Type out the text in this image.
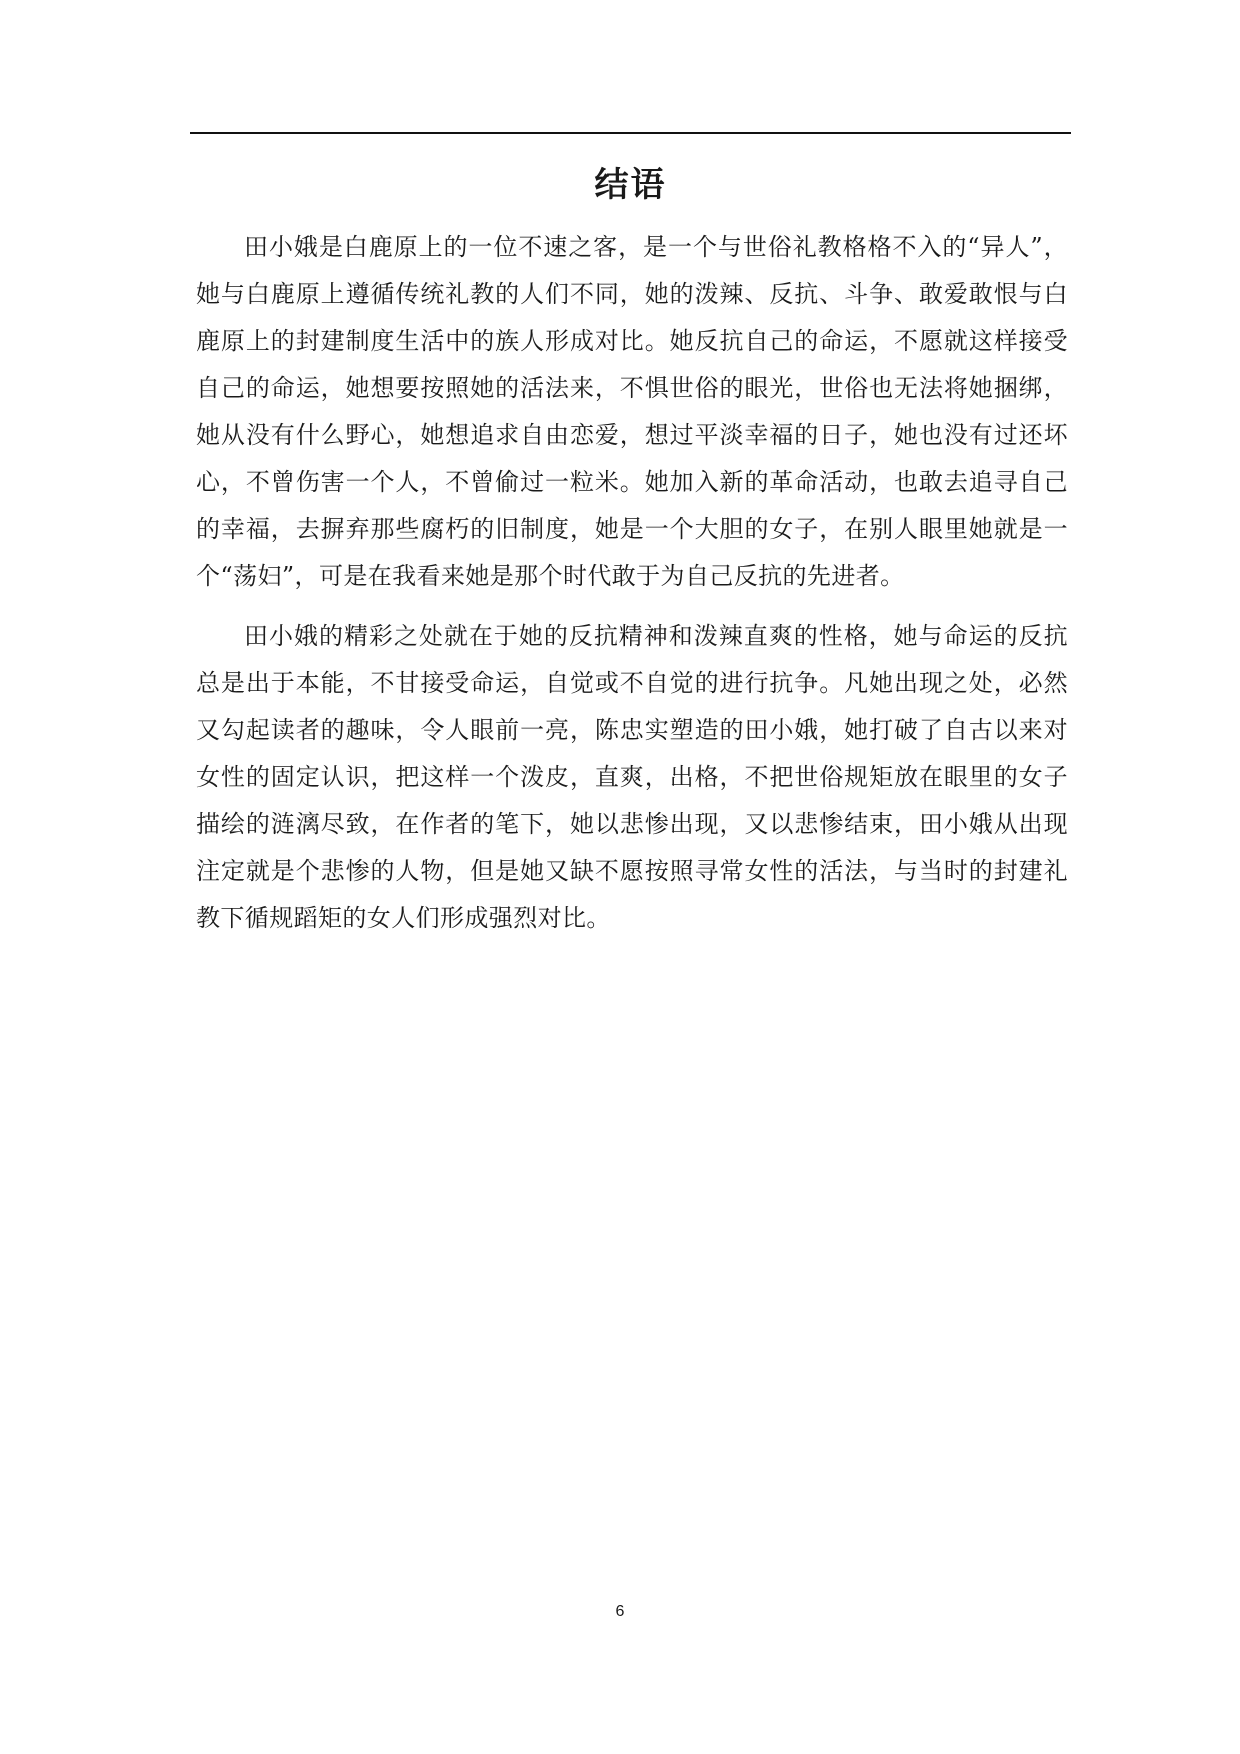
结语

田小娥是白鹿原上的一位不速之客，是一个与世俗礼教格格不入的“异人”，她与白鹿原上遵循传统礼教的人们不同，她的泼辣、反抗、斗争、敢爱敢恨与白鹿原上的封建制度生活中的族人形成对比。她反抗自己的命运，不愿就这样接受自己的命运，她想要按照她的活法来，不惧世俗的眼光，世俗也无法将她捆绑，她从没有什么野心，她想追求自由恋爱，想过平淡幸福的日子，她也没有过还坏心，不曾伤害一个人，不曾偷过一粒米。她加入新的革命活动，也敢去追寻自己的幸福，去摒弃那些腐朽的旧制度，她是一个大胆的女子，在别人眼里她就是一个“荡妇”，可是在我看来她是那个时代敢于为自己反抗的先进者。

田小娥的精彩之处就在于她的反抗精神和泼辣直爽的性格，她与命运的反抗总是出于本能，不甘接受命运，自觉或不自觉的进行抗争。凡她出现之处，必然又勾起读者的趣味，令人眼前一亮，陈忠实塑造的田小娥，她打破了自古以来对女性的固定认识，把这样一个泼皮，直爽，出格，不把世俗规矩放在眼里的女子描绘的涟漓尽致，在作者的笔下，她以悲惨出现，又以悲惨结束，田小娥从出现注定就是个悲惨的人物，但是她又缺不愿按照寻常女性的活法，与当时的封建礼教下循规蹈矩的女人们形成强烈对比。

6
